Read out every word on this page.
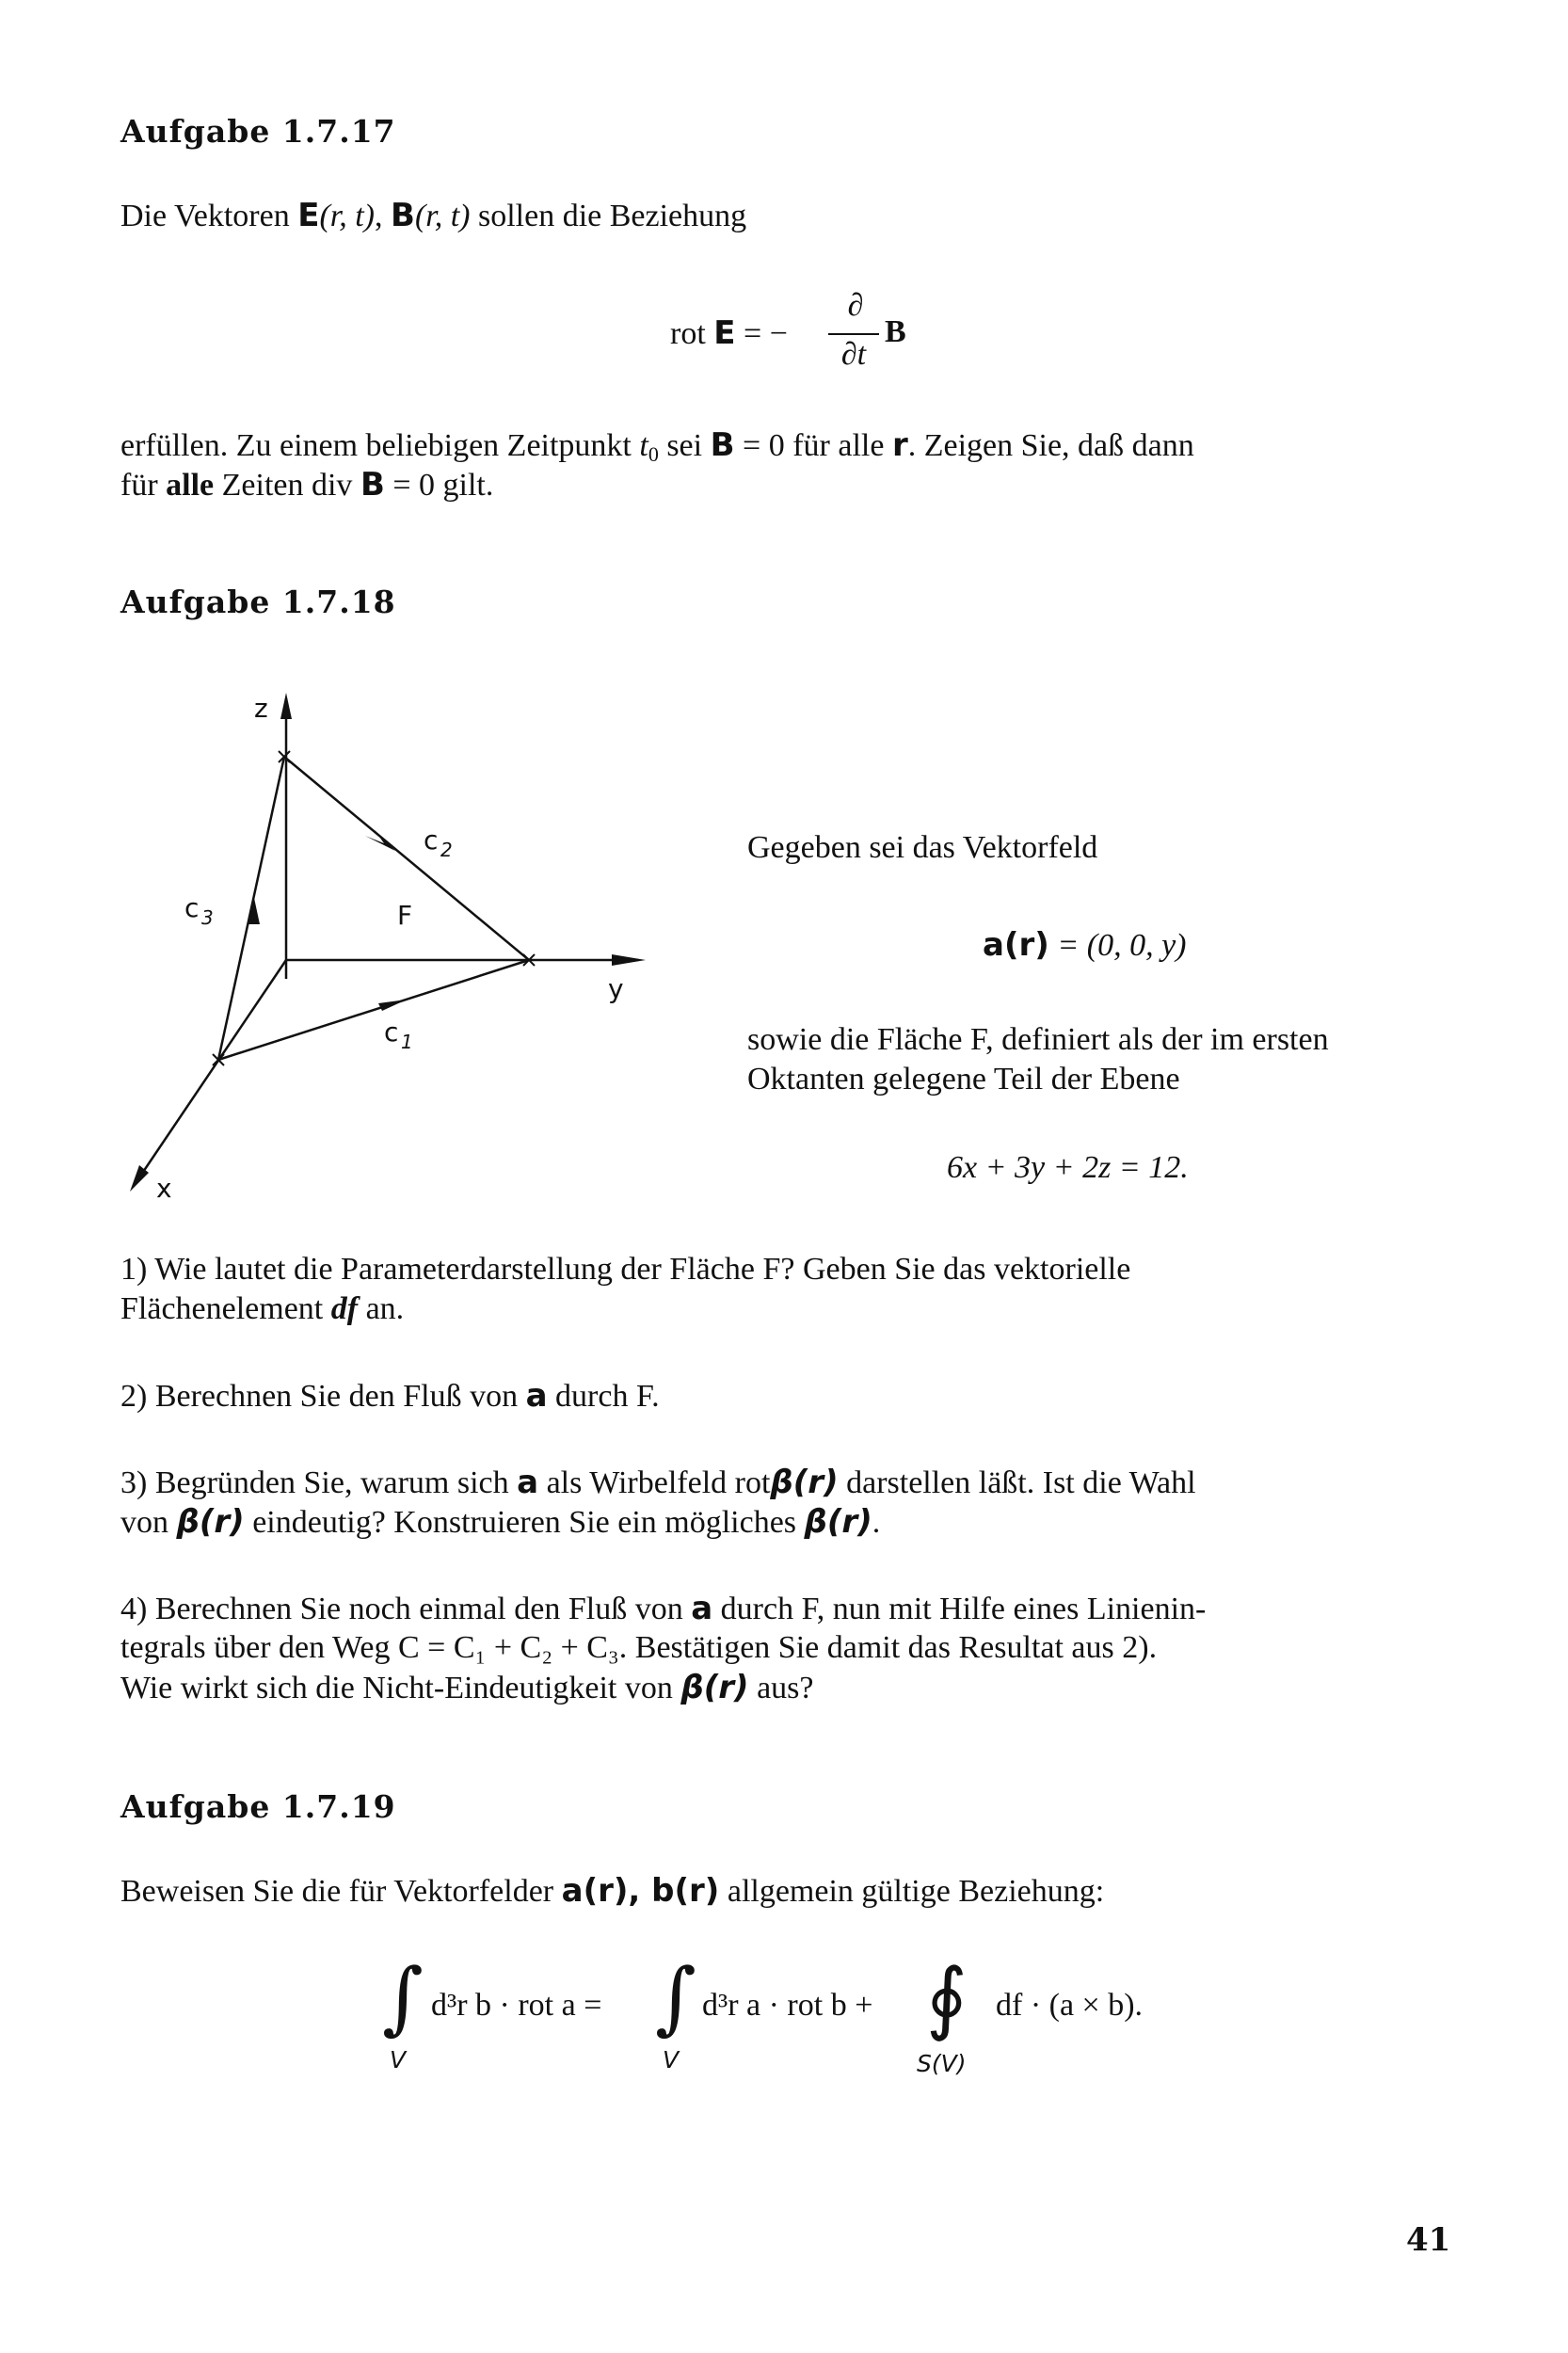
Aufgabe 1.7.17
Die Vektoren E(r, t), B(r, t) sollen die Beziehung
rot E = −
∂
∂t
B
erfüllen. Zu einem beliebigen Zeitpunkt $t_0$ sei B = 0 für alle r. Zeigen Sie, daß dann
für alle Zeiten div B = 0 gilt.
Aufgabe 1.7.18
z
y
x
F
c 2
c 3
c 1
Gegeben sei das Vektorfeld
a(r) = (0, 0, y)
sowie die Fläche F, definiert als der im ersten
Oktanten gelegene Teil der Ebene
6x + 3y + 2z = 12.
1) Wie lautet die Parameterdarstellung der Fläche F? Geben Sie das vektorielle
Flächenelement df an.
2) Berechnen Sie den Fluß von a durch F.
3) Begründen Sie, warum sich a als Wirbelfeld rotβ(r) darstellen läßt. Ist die Wahl
von β(r) eindeutig? Konstruieren Sie ein mögliches β(r).
4) Berechnen Sie noch einmal den Fluß von a durch F, nun mit Hilfe eines Linienin-
tegrals über den Weg C = C₁ + C₂ + C₃. Bestätigen Sie damit das Resultat aus 2).
Wie wirkt sich die Nicht-Eindeutigkeit von β(r) aus?
Aufgabe 1.7.19
Beweisen Sie die für Vektorfelder a(r), b(r) allgemein gültige Beziehung:
∫ d³r b · rot a =
V
∫ d³r a · rot b +
V
∮ df · (a × b).
S(V)
41
